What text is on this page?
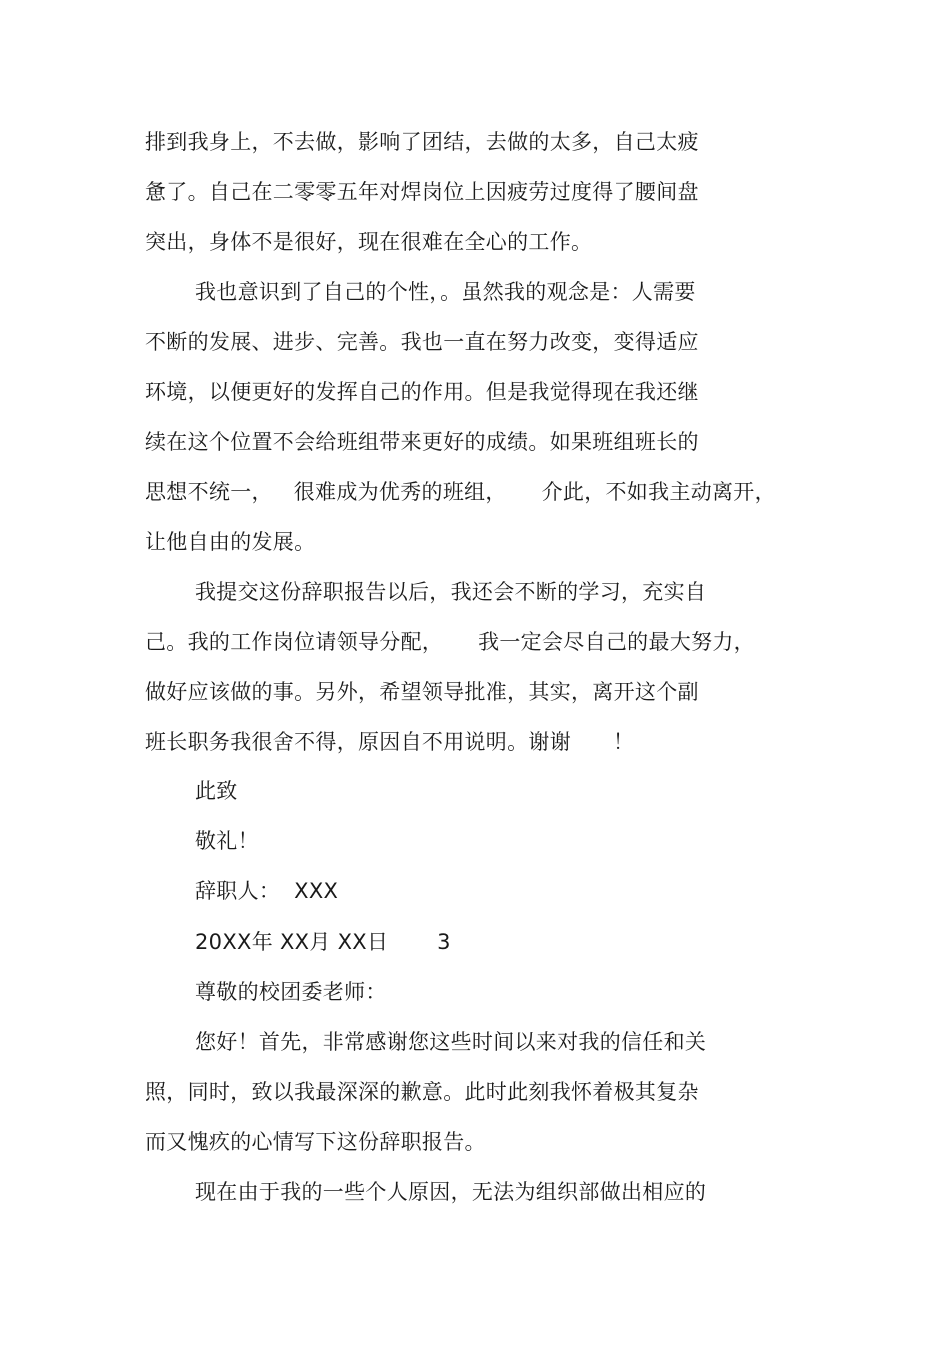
排到我身上，不去做，影响了团结，去做的太多，自己太疲
惫了。自己在二零零五年对焊岗位上因疲劳过度得了腰间盘
突出，身体不是很好，现在很难在全心的工作。
我也意识到了自己的个性，。虽然我的观念是：人需要
不断的发展、进步、完善。我也一直在努力改变，变得适应
环境，以便更好的发挥自己的作用。但是我觉得现在我还继
续在这个位置不会给班组带来更好的成绩。如果班组班长的
思想不统一，   很难成为优秀的班组，     介此，不如我主动离开，
让他自由的发展。
我提交这份辞职报告以后，我还会不断的学习，充实自
己。我的工作岗位请领导分配，     我一定会尽自己的最大努力，
做好应该做的事。另外，希望领导批准，其实，离开这个副
班长职务我很舍不得，原因自不用说明。谢谢      ！
此致
敬礼！
辞职人：  XXX
20XX年 XX月 XX日       3
尊敬的校团委老师：
您好！首先，非常感谢您这些时间以来对我的信任和关
照，同时，致以我最深深的歉意。此时此刻我怀着极其复杂
而又愧疚的心情写下这份辞职报告。
现在由于我的一些个人原因，无法为组织部做出相应的
